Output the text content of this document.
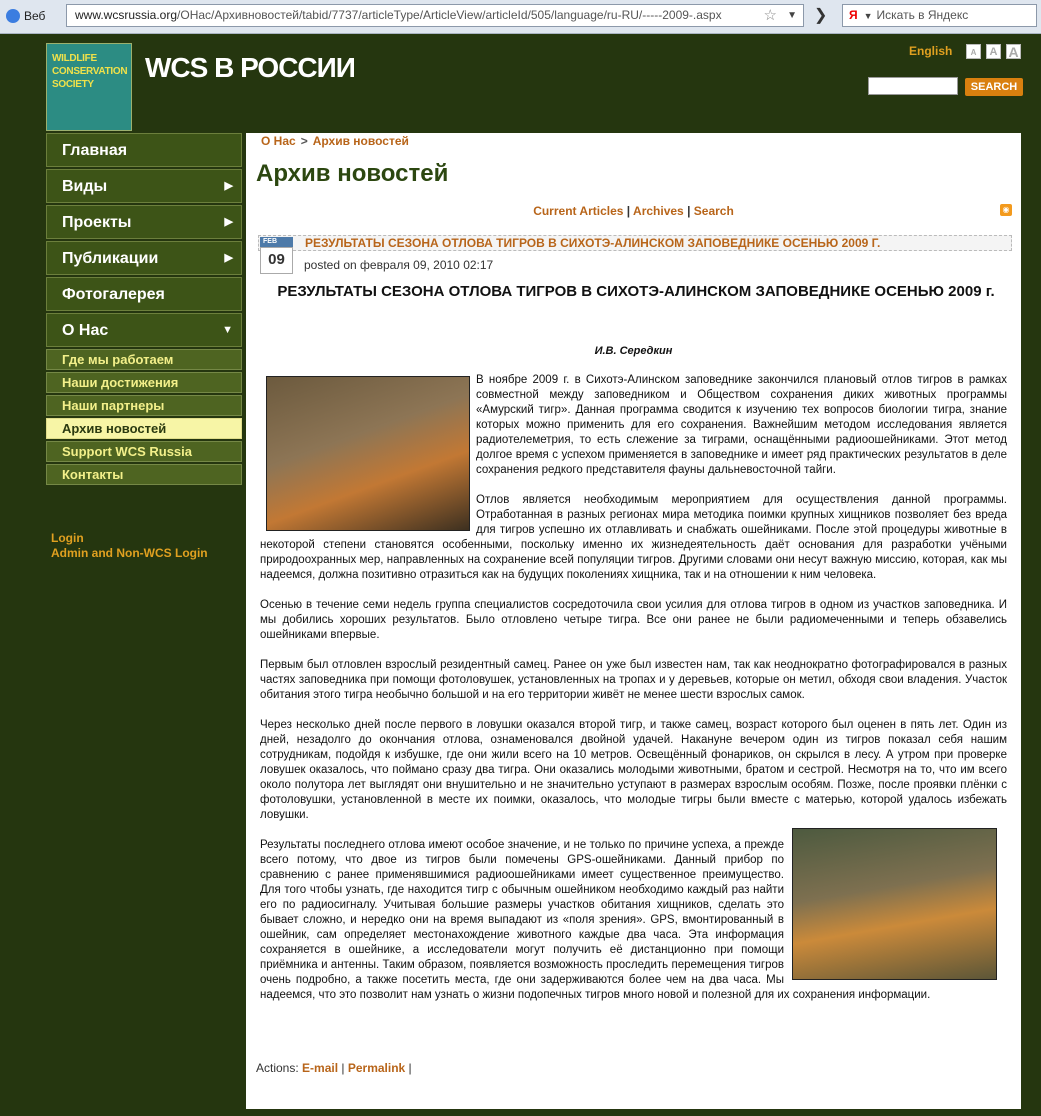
Веб	www.wcsrussia.org/ОНас/Архивновостей/tabid/7737/articleType/ArticleView/articleId/505/language/ru-RU/-----2009-.aspx	☆ ▼ ❯	Я ▼ Искать в Яндекс
WILDLIFE CONSERVATION SOCIETY
WCS В РОССИИ
English	A	A A
SEARCH
Главная
Виды	▶
Проекты	▶
Публикации	▶
Фотогалерея
О Нас	▼
Где мы работаем
Наши достижения
Наши партнеры
Архив новостей
Support WCS Russia
Контакты
Login
Admin and Non-WCS Login
О Нас > Архив новостей
Архив новостей
Current Articles | Archives | Search	◉
РЕЗУЛЬТАТЫ СЕЗОНА ОТЛОВА ТИГРОВ В СИХОТЭ-АЛИНСКОМ ЗАПОВЕДНИКЕ ОСЕНЬЮ 2009 Г.
FEB
09	posted on февраля 09, 2010 02:17
РЕЗУЛЬТАТЫ СЕЗОНА ОТЛОВА ТИГРОВ В СИХОТЭ-АЛИНСКОМ ЗАПОВЕДНИКЕ ОСЕНЬЮ 2009 г.
И.В. Середкин

В ноябре 2009 г. в Сихотэ-Алинском заповеднике закончился плановый отлов тигров в рамках совместной между заповедником и Обществом сохранения диких животных программы «Амурский тигр». Данная программа сводится к изучению тех вопросов биологии тигра, знание которых можно применить для его сохранения. Важнейшим методом исследования является радиотелеметрия, то есть слежение за тиграми, оснащёнными радиоошейниками. Этот метод долгое время с успехом применяется в заповеднике и имеет ряд практических результатов в деле сохранения редкого представителя фауны дальневосточной тайги.

Отлов является необходимым мероприятием для осуществления данной программы. Отработанная в разных регионах мира методика поимки крупных хищников позволяет без вреда для тигров успешно их отлавливать и снабжать ошейниками. После этой процедуры животные в некоторой степени становятся особенными, поскольку именно их жизнедеятельность даёт основания для разработки учёными природоохранных мер, направленных на сохранение всей популяции тигров. Другими словами они несут важную миссию, которая, как мы надеемся, должна позитивно отразиться как на будущих поколениях хищника, так и на отношении к ним человека.

Осенью в течение семи недель группа специалистов сосредоточила свои усилия для отлова тигров в одном из участков заповедника. И мы добились хороших результатов. Было отловлено четыре тигра. Все они ранее не были радиомеченными и теперь обзавелись ошейниками впервые.

Первым был отловлен взрослый резидентный самец. Ранее он уже был известен нам, так как неоднократно фотографировался в разных частях заповедника при помощи фотоловушек, установленных на тропах и у деревьев, которые он метил, обходя свои владения. Участок обитания этого тигра необычно большой и на его территории живёт не менее шести взрослых самок.

Через несколько дней после первого в ловушки оказался второй тигр, и также самец, возраст которого был оценен в пять лет. Один из дней, незадолго до окончания отлова, ознаменовался двойной удачей. Накануне вечером один из тигров показал себя нашим сотрудникам, подойдя к избушке, где они жили всего на 10 метров. Освещённый фонариков, он скрылся в лесу. А утром при проверке ловушек оказалось, что поймано сразу два тигра. Они оказались молодыми животными, братом и сестрой. Несмотря на то, что им всего около полутора лет выглядят они внушительно и не значительно уступают в размерах взрослым особям. Позже, после проявки плёнки с фотоловушки, установленной в месте их поимки, оказалось, что молодые тигры были вместе с матерью, которой удалось избежать ловушки.

Результаты последнего отлова имеют особое значение, и не только по причине успеха, а прежде всего потому, что двое из тигров были помечены GPS-ошейниками. Данный прибор по сравнению с ранее применявшимися радиоошейниками имеет существенное преимущество. Для того чтобы узнать, где находится тигр с обычным ошейником необходимо каждый раз найти его по радиосигналу. Учитывая большие размеры участков обитания хищников, сделать это бывает сложно, и нередко они на время выпадают из «поля зрения». GPS, вмонтированный в ошейник, сам определяет местонахождение животного каждые два часа. Эта информация сохраняется в ошейнике, а исследователи могут получить её дистанционно при помощи приёмника и антенны. Таким образом, появляется возможность проследить перемещения тигров очень подробно, а также посетить места, где они задерживаются более чем на два часа. Мы надеемся, что это позволит нам узнать о жизни подопечных тигров много новой и полезной для их сохранения информации.

Actions: E-mail | Permalink |
